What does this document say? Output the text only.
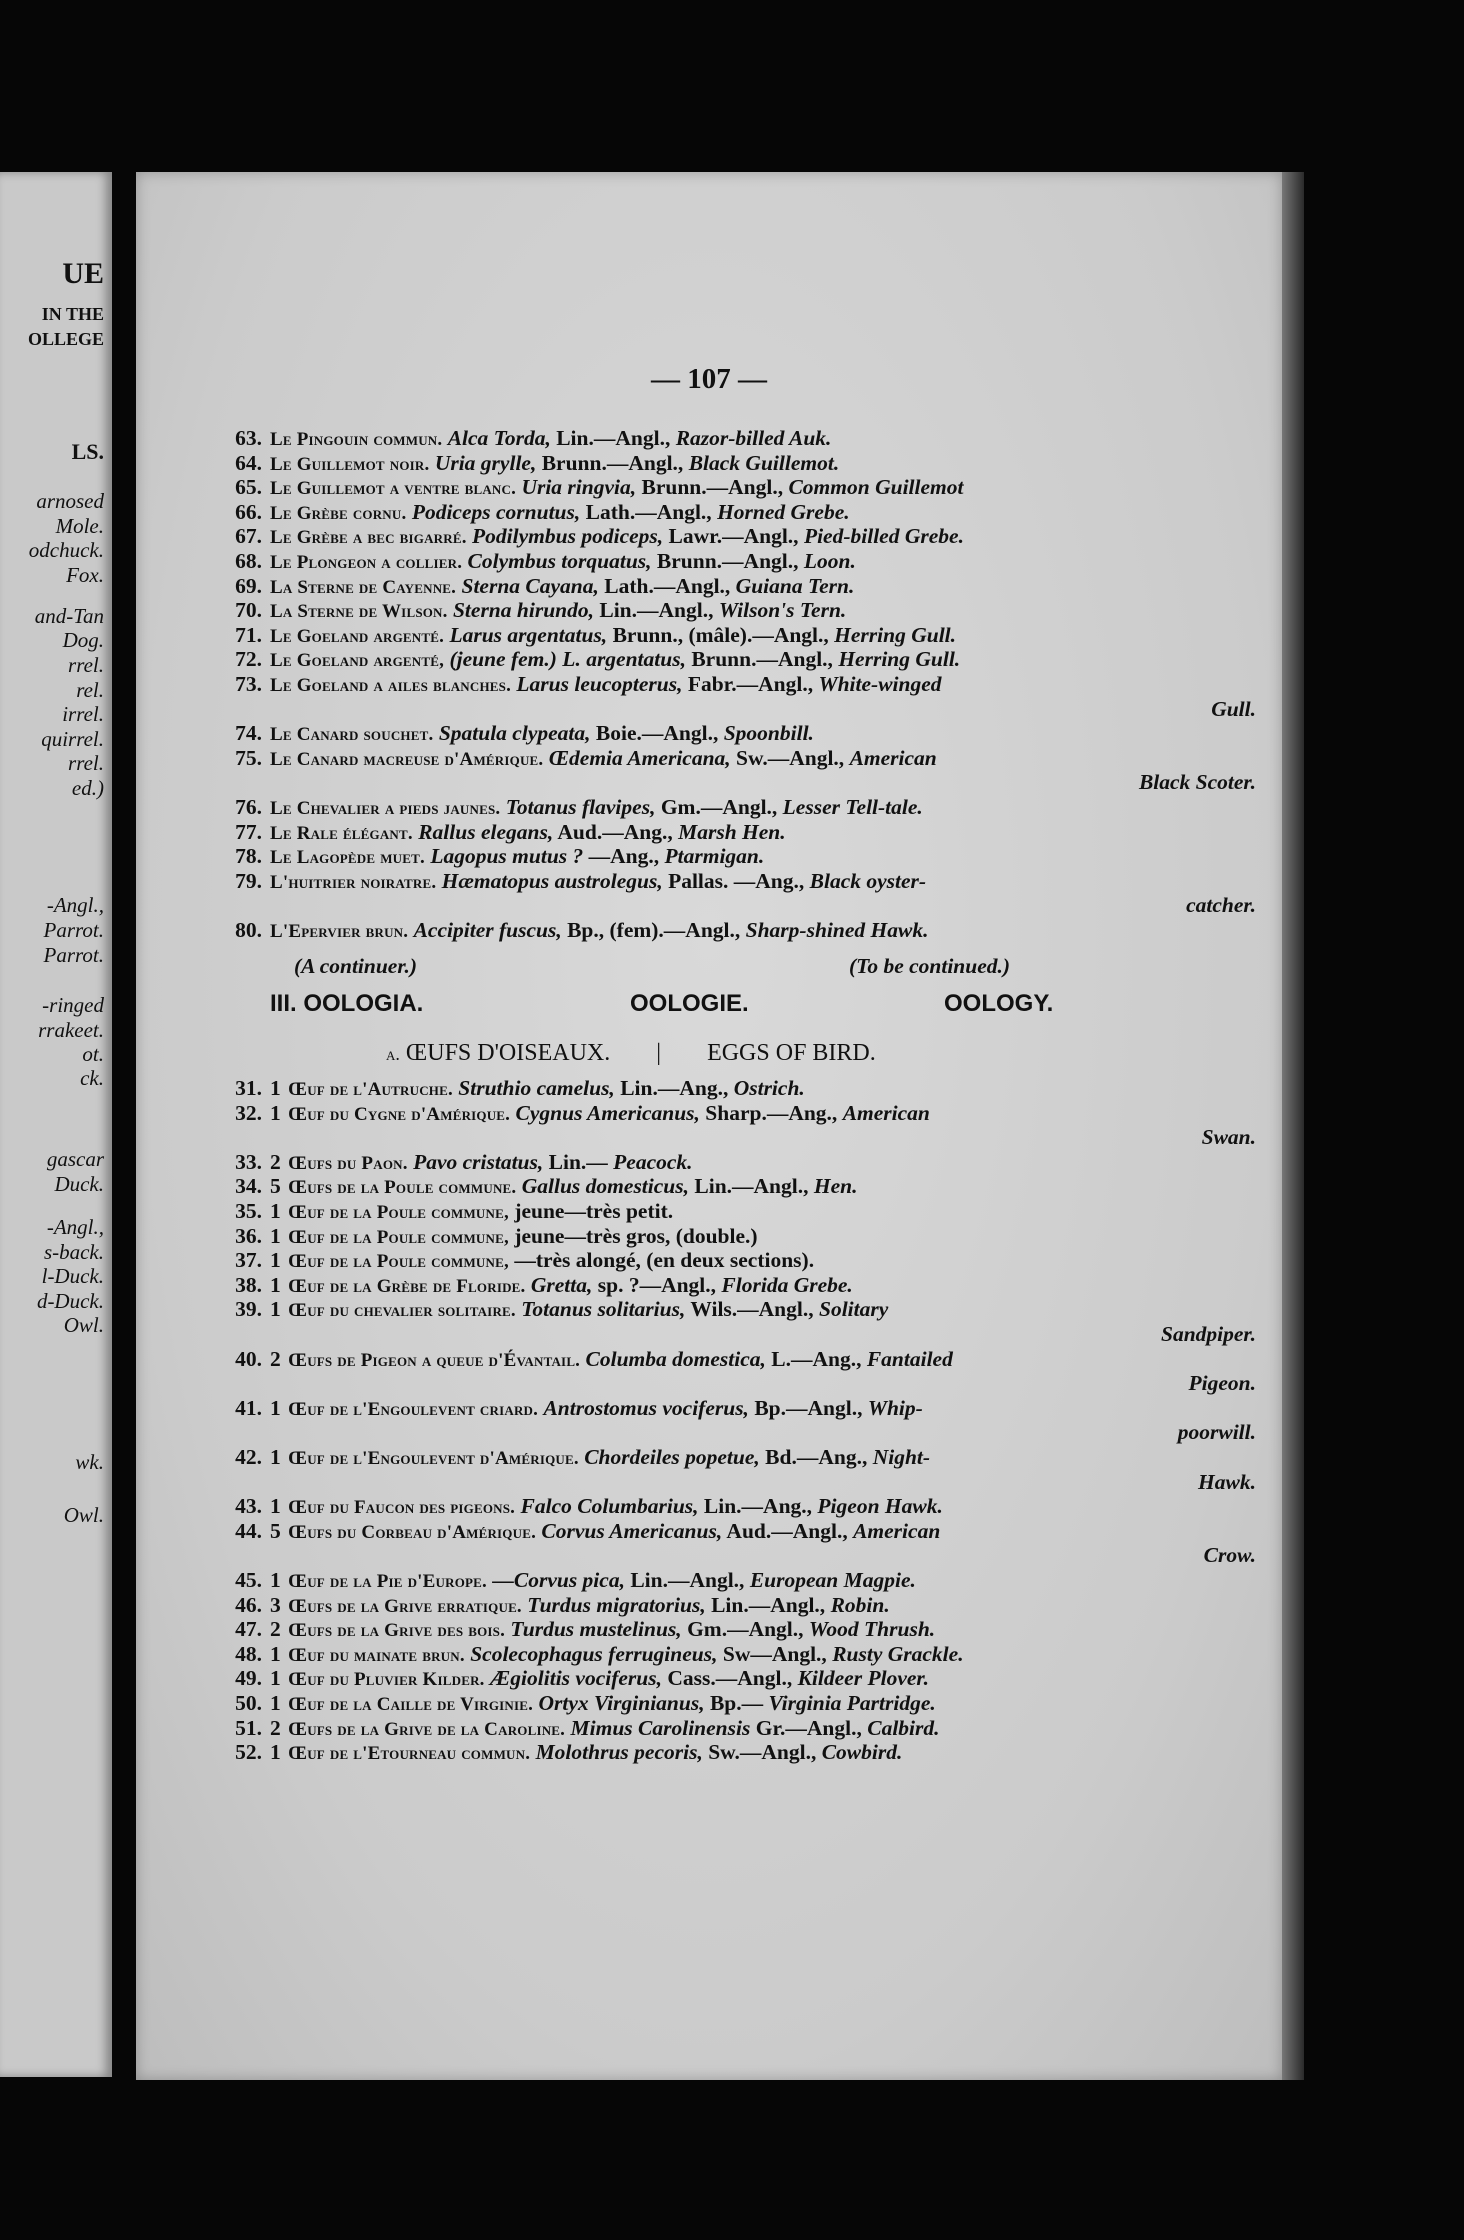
UE
IN THE
OLLEGE
LS.
arnosed
Mole.
odchuck.
Fox.
and-Tan
Dog.
rrel.
rel.
irrel.
quirrel.
rrel.
ed.)
-Angl.,
Parrot.
Parrot.
-ringed
rrakeet.
ot.
ck.
gascar
Duck.
-Angl.,
s-back.
l-Duck.
d-Duck.
Owl.
wk.
Owl.
— 107 —
63. Le Pingouin commun. Alca Torda, Lin.—Angl., Razor-billed Auk.
64. Le Guillemot noir. Uria grylle, Brunn.—Angl., Black Guillemot.
65. Le Guillemot a ventre blanc. Uria ringvia, Brunn.—Angl., Common Guillemot
66. Le Grèbe cornu. Podiceps cornutus, Lath.—Angl., Horned Grebe.
67. Le Grèbe a bec bigarré. Podilymbus podiceps, Lawr.—Angl., Pied-billed Grebe.
68. Le Plongeon a collier. Colymbus torquatus, Brunn.—Angl., Loon.
69. La Sterne de Cayenne. Sterna Cayana, Lath.—Angl., Guiana Tern.
70. La Sterne de Wilson. Sterna hirundo, Lin.—Angl., Wilson's Tern.
71. Le Goeland argenté. Larus argentatus, Brunn., (mâle).—Angl., Herring Gull.
72. Le Goeland argenté, (jeune fem.) L. argentatus, Brunn.—Angl., Herring Gull.
73. Le Goeland a ailes blanches. Larus leucopterus, Fabr.—Angl., White-winged
Gull.
74. Le Canard souchet. Spatula clypeata, Boie.—Angl., Spoonbill.
75. Le Canard macreuse d'Amérique. Œdemia Americana, Sw.—Angl., American
Black Scoter.
76. Le Chevalier a pieds jaunes. Totanus flavipes, Gm.—Angl., Lesser Tell-tale.
77. Le Rale élégant. Rallus elegans, Aud.—Ang., Marsh Hen.
78. Le Lagopède muet. Lagopus mutus ? —Ang., Ptarmigan.
79. L'huitrier noiratre. Hæmatopus austrolegus, Pallas. —Ang., Black oyster-
catcher.
80. L'Epervier brun. Accipiter fuscus, Bp., (fem).—Angl., Sharp-shined Hawk.
(A continuer.)	(To be continued.)
III. OOLOGIA.	OOLOGIE.	OOLOGY.
a. ŒUFS D'OISEAUX. | EGGS OF BIRD.
31. 1 Œuf de l'Autruche. Struthio camelus, Lin.—Ang., Ostrich.
32. 1 Œuf du Cygne d'Amérique. Cygnus Americanus, Sharp.—Ang., American
Swan.
33. 2 Œufs du Paon. Pavo cristatus, Lin.— Peacock.
34. 5 Œufs de la Poule commune. Gallus domesticus, Lin.—Angl., Hen.
35. 1 Œuf de la Poule commune, jeune—très petit.
36. 1 Œuf de la Poule commune, jeune—très gros, (double.)
37. 1 Œuf de la Poule commune, —très alongé, (en deux sections).
38. 1 Œuf de la Grèbe de Floride. Gretta, sp. ?—Angl., Florida Grebe.
39. 1 Œuf du chevalier solitaire. Totanus solitarius, Wils.—Angl., Solitary
Sandpiper.
40. 2 Œufs de Pigeon a queue d'Évantail. Columba domestica, L.—Ang., Fantailed
Pigeon.
41. 1 Œuf de l'Engoulevent criard. Antrostomus vociferus, Bp.—Angl., Whip-
poorwill.
42. 1 Œuf de l'Engoulevent d'Amérique. Chordeiles popetue, Bd.—Ang., Night-
Hawk.
43. 1 Œuf du Faucon des pigeons. Falco Columbarius, Lin.—Ang., Pigeon Hawk.
44. 5 Œufs du Corbeau d'Amérique. Corvus Americanus, Aud.—Angl., American
Crow.
45. 1 Œuf de la Pie d'Europe. —Corvus pica, Lin.—Angl., European Magpie.
46. 3 Œufs de la Grive erratique. Turdus migratorius, Lin.—Angl., Robin.
47. 2 Œufs de la Grive des bois. Turdus mustelinus, Gm.—Angl., Wood Thrush.
48. 1 Œuf du mainate brun. Scolecophagus ferrugineus, Sw—Angl., Rusty Grackle.
49. 1 Œuf du Pluvier Kilder. Ægiolitis vociferus, Cass.—Angl., Kildeer Plover.
50. 1 Œuf de la Caille de Virginie. Ortyx Virginianus, Bp.— Virginia Partridge.
51. 2 Œufs de la Grive de la Caroline. Mimus Carolinensis Gr.—Angl., Calbird.
52. 1 Œuf de l'Etourneau commun. Molothrus pecoris, Sw.—Angl., Cowbird.
